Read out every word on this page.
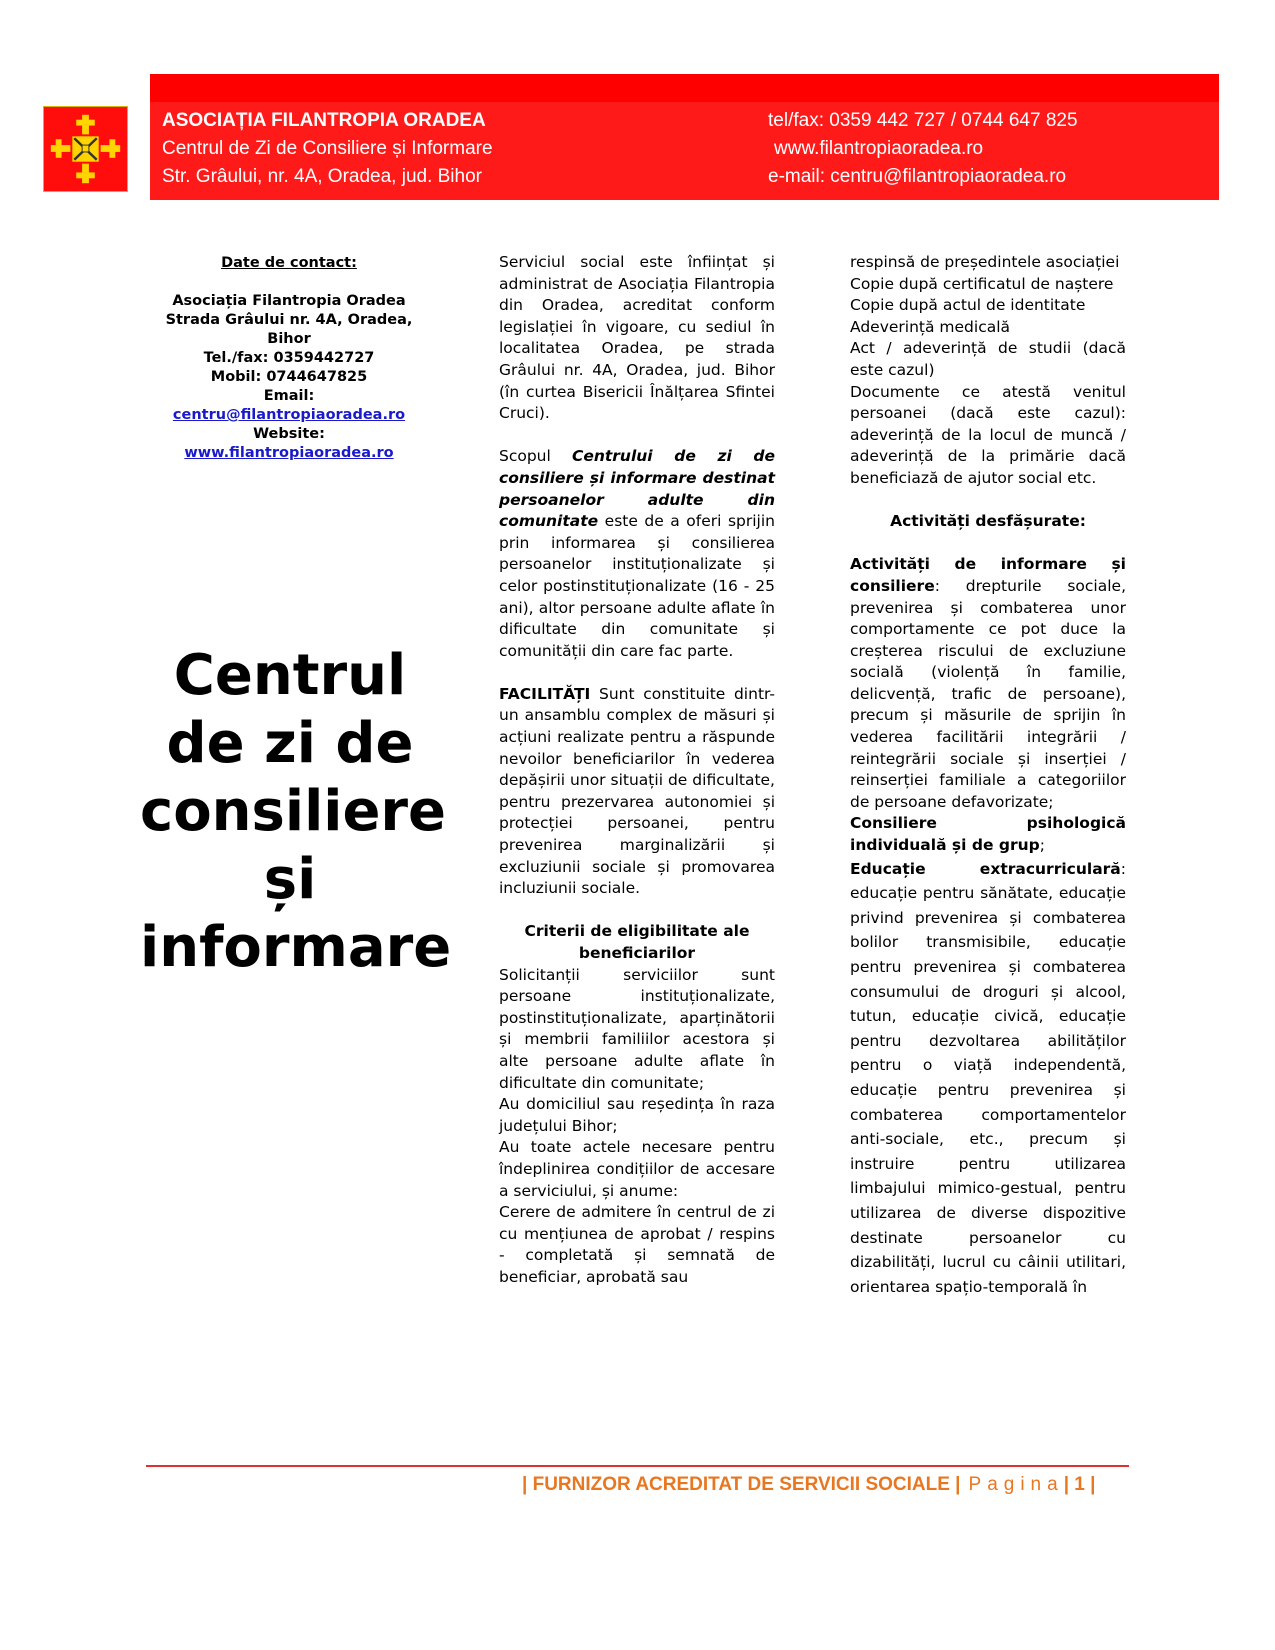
ASOCIAȚIA FILANTROPIA ORADEA
Centrul de Zi de Consiliere și Informare
Str. Grâului, nr. 4A, Oradea, jud. Bihor
tel/fax: 0359 442 727 / 0744 647 825
www.filantropiaoradea.ro
e-mail: centru@filantropiaoradea.ro
Date de contact:
Asociația Filantropia Oradea
Strada Grâului nr. 4A, Oradea,
Bihor
Tel./fax: 0359442727
Mobil: 0744647825
Email:
centru@filantropiaoradea.ro
Website:
www.filantropiaoradea.ro
Centrul
de zi de
consiliere
și
informare

Serviciul social este înființat și administrat de Asociația Filantropia din Oradea, acreditat conform legislației în vigoare, cu sediul în localitatea Oradea, pe strada Grâului nr. 4A, Oradea, jud. Bihor (în curtea Bisericii Înălțarea Sfintei Cruci).

Scopul Centrului de zi de consiliere și informare destinat persoanelor adulte din comunitate este de a oferi sprijin prin informarea și consilierea persoanelor instituționalizate și celor postinstituționalizate (16 - 25 ani), altor persoane adulte aflate în dificultate din comunitate și comunității din care fac parte.

FACILITĂȚI Sunt constituite dintr-un ansamblu complex de măsuri și acțiuni realizate pentru a răspunde nevoilor beneficiarilor în vederea depășirii unor situații de dificultate, pentru prezervarea autonomiei și protecției persoanei, pentru prevenirea marginalizării și excluziunii sociale și promovarea incluziunii sociale.

Criterii de eligibilitate ale beneficiarilor

Solicitanții serviciilor sunt persoane instituționalizate, postinstituționalizate, aparținătorii și membrii familiilor acestora și alte persoane adulte aflate în dificultate din comunitate;

Au domiciliul sau reședința în raza județului Bihor;

Au toate actele necesare pentru îndeplinirea condițiilor de accesare a serviciului, și anume:

Cerere de admitere în centrul de zi cu mențiunea de aprobat / respins - completată și semnată de beneficiar, aprobată sau

respinsă de președintele asociației

Copie după certificatul de naștere

Copie după actul de identitate

Adeverință medicală

Act / adeverință de studii (dacă este cazul)

Documente ce atestă venitul persoanei (dacă este cazul): adeverință de la locul de muncă / adeverință de la primărie dacă beneficiază de ajutor social etc.

Activități desfășurate:

Activități de informare și consiliere: drepturile sociale, prevenirea și combaterea unor comportamente ce pot duce la creșterea riscului de excluziune socială (violență în familie, delicvență, trafic de persoane), precum și măsurile de sprijin în vederea facilitării integrării / reintegrării sociale și inserției / reinserției familiale a categoriilor de persoane defavorizate;

Consiliere psihologică individuală și de grup;

Educație extracurriculară: educație pentru sănătate, educație privind prevenirea și combaterea bolilor transmisibile, educație pentru prevenirea și combaterea consumului de droguri și alcool, tutun, educație civică, educație pentru dezvoltarea abilităților pentru o viață independentă, educație pentru prevenirea și combaterea comportamentelor anti-sociale, etc., precum și instruire pentru utilizarea limbajului mimico-gestual, pentru utilizarea de diverse dispozitive destinate persoanelor cu dizabilități, lucrul cu câinii utilitari, orientarea spațio-temporală în

| FURNIZOR ACREDITAT DE SERVICII SOCIALE | Pagina| 1 |
